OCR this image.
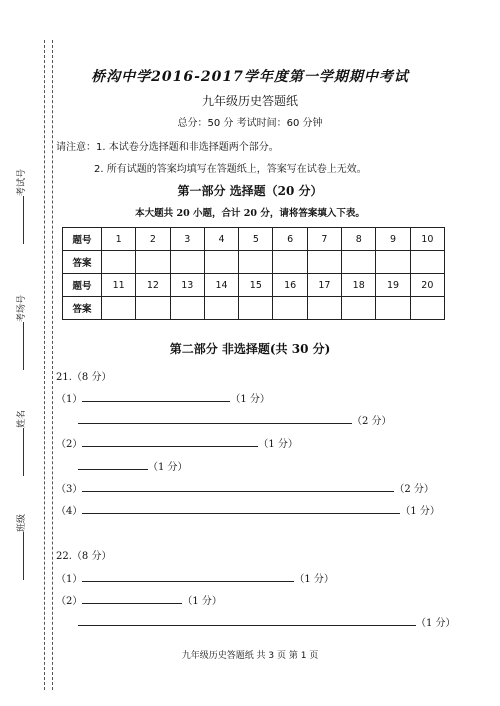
考试号
考场号
姓名
班级
桥沟中学2016-2017学年度第一学期期中考试
九年级历史答题纸
总分：50 分 考试时间：60 分钟
请注意：1. 本试卷分选择题和非选择题两个部分。
2. 所有试题的答案均填写在答题纸上，答案写在试卷上无效。
第一部分 选择题（20 分）
本大题共 20 小题，合计 20 分，请将答案填入下表。
题号	1	2	3	4	5	6	7	8	9	10
答案										
题号	11	12	13	14	15	16	17	18	19	20
答案										
第二部分 非选择题(共 30 分)
21.（8 分）
（1）	（1 分）
（2 分）
（2）	（1 分）
（1 分）
（3）	（2 分）
（4）	（1 分）
22.（8 分）
（1）	（1 分）
（2）	（1 分）
（1 分）
九年级历史答题纸 共 3 页 第 1 页
